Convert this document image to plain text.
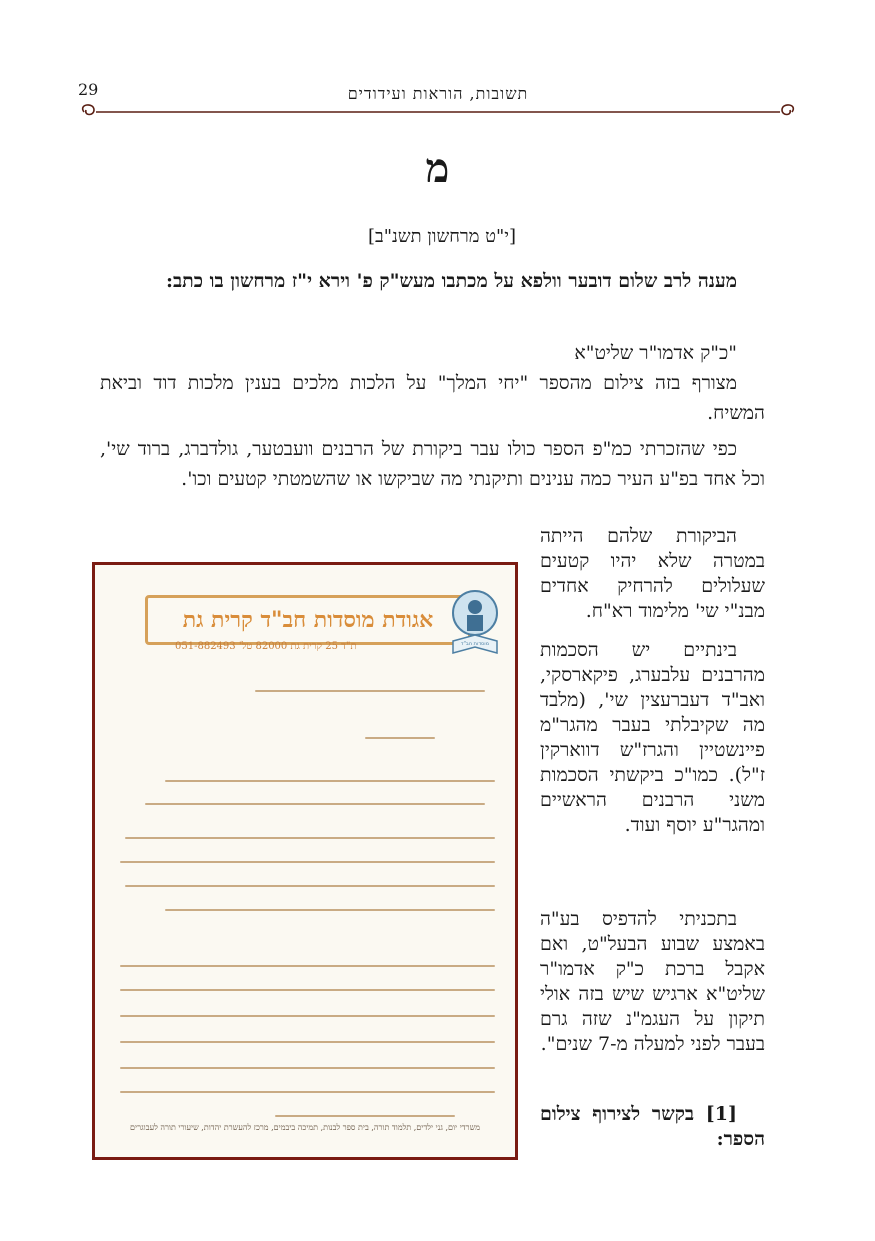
29	תשובות, הוראות ועידודים
מ
[י"ט מרחשון תשנ"ב]
מענה לרב שלום דובער וולפא על מכתבו מעש"ק פ' וירא י"ז מרחשון בו כתב:
"כ"ק אדמו"ר שליט"א
מצורף בזה צילום מהספר "יחי המלך" על הלכות מלכים בענין מלכות דוד וביאת המשיח.
כפי שהזכרתי כמ"פ הספר כולו עבר ביקורת של הרבנים וועבטער, גולדברג, ברוד שי', וכל אחד בפ"ע העיר כמה ענינים ותיקנתי מה שביקשו או שהשמטתי קטעים וכו'.
הביקורת שלהם הייתה במטרה שלא יהיו קטעים שעלולים להרחיק אחדים מבנ"י שי' מלימוד רא"ח.
בינתיים יש הסכמות מהרבנים עלבערג, פיקארסקי, ואב"ד דעברעצין שי', (מלבד מה שקיבלתי בעבר מהגר"מ פיינשטיין והגרז"ש דווארקין ז"ל). כמו"כ ביקשתי הסכמות משני הרבנים הראשיים ומהגר"ע יוסף ועוד.
בתכניתי להדפיס בע"ה באמצע שבוע הבעל"ט, ואם אקבל ברכת כ"ק אדמו"ר שליט"א ארגיש שיש בזה אולי תיקון על העגמ"נ שזה גרם בעבר לפני למעלה מ-7 שנים".
[1] בקשר לצירוף צילום הספר:
אגודת מוסדות חב"ד קרית גת
ת"ד 25 קרית גת 82000 טל' 051-882493	מוסדות חב"ד
משרדי יום, גני ילדים, תלמוד תורה, בית ספר לבנות, תמיכה ביבמים, מרכז להעשרת יהדות, שיעורי תורה לעבוגרים
